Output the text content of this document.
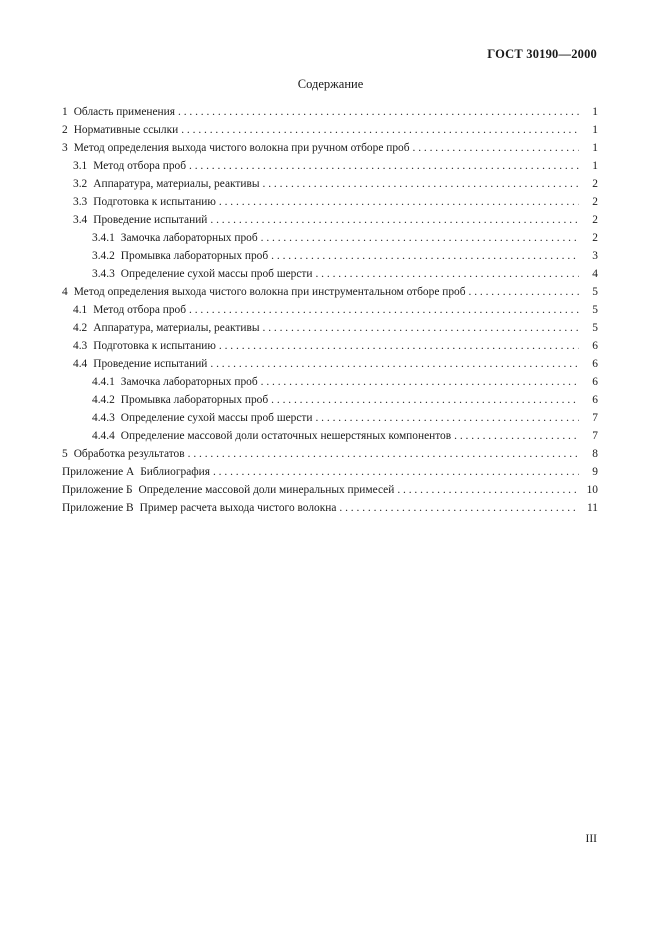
ГОСТ 30190—2000
Содержание
1 Область применения . . .	1
2 Нормативные ссылки . . .	1
3 Метод определения выхода чистого волокна при ручном отборе проб . . .	1
3.1 Метод отбора проб . . .	1
3.2 Аппаратура, материалы, реактивы . . .	2
3.3 Подготовка к испытанию . . .	2
3.4 Проведение испытаний . . .	2
3.4.1 Замочка лабораторных проб . . .	2
3.4.2 Промывка лабораторных проб . . .	3
3.4.3 Определение сухой массы проб шерсти . . .	4
4 Метод определения выхода чистого волокна при инструментальном отборе проб . . .	5
4.1 Метод отбора проб . . .	5
4.2 Аппаратура, материалы, реактивы . . .	5
4.3 Подготовка к испытанию . . .	6
4.4 Проведение испытаний . . .	6
4.4.1 Замочка лабораторных проб . . .	6
4.4.2 Промывка лабораторных проб . . .	6
4.4.3 Определение сухой массы проб шерсти . . .	7
4.4.4 Определение массовой доли остаточных нешерстяных компонентов . . .	7
5 Обработка результатов . . .	8
Приложение А Библиография . . .	9
Приложение Б Определение массовой доли минеральных примесей . . .	10
Приложение В Пример расчета выхода чистого волокна . . .	11
III
